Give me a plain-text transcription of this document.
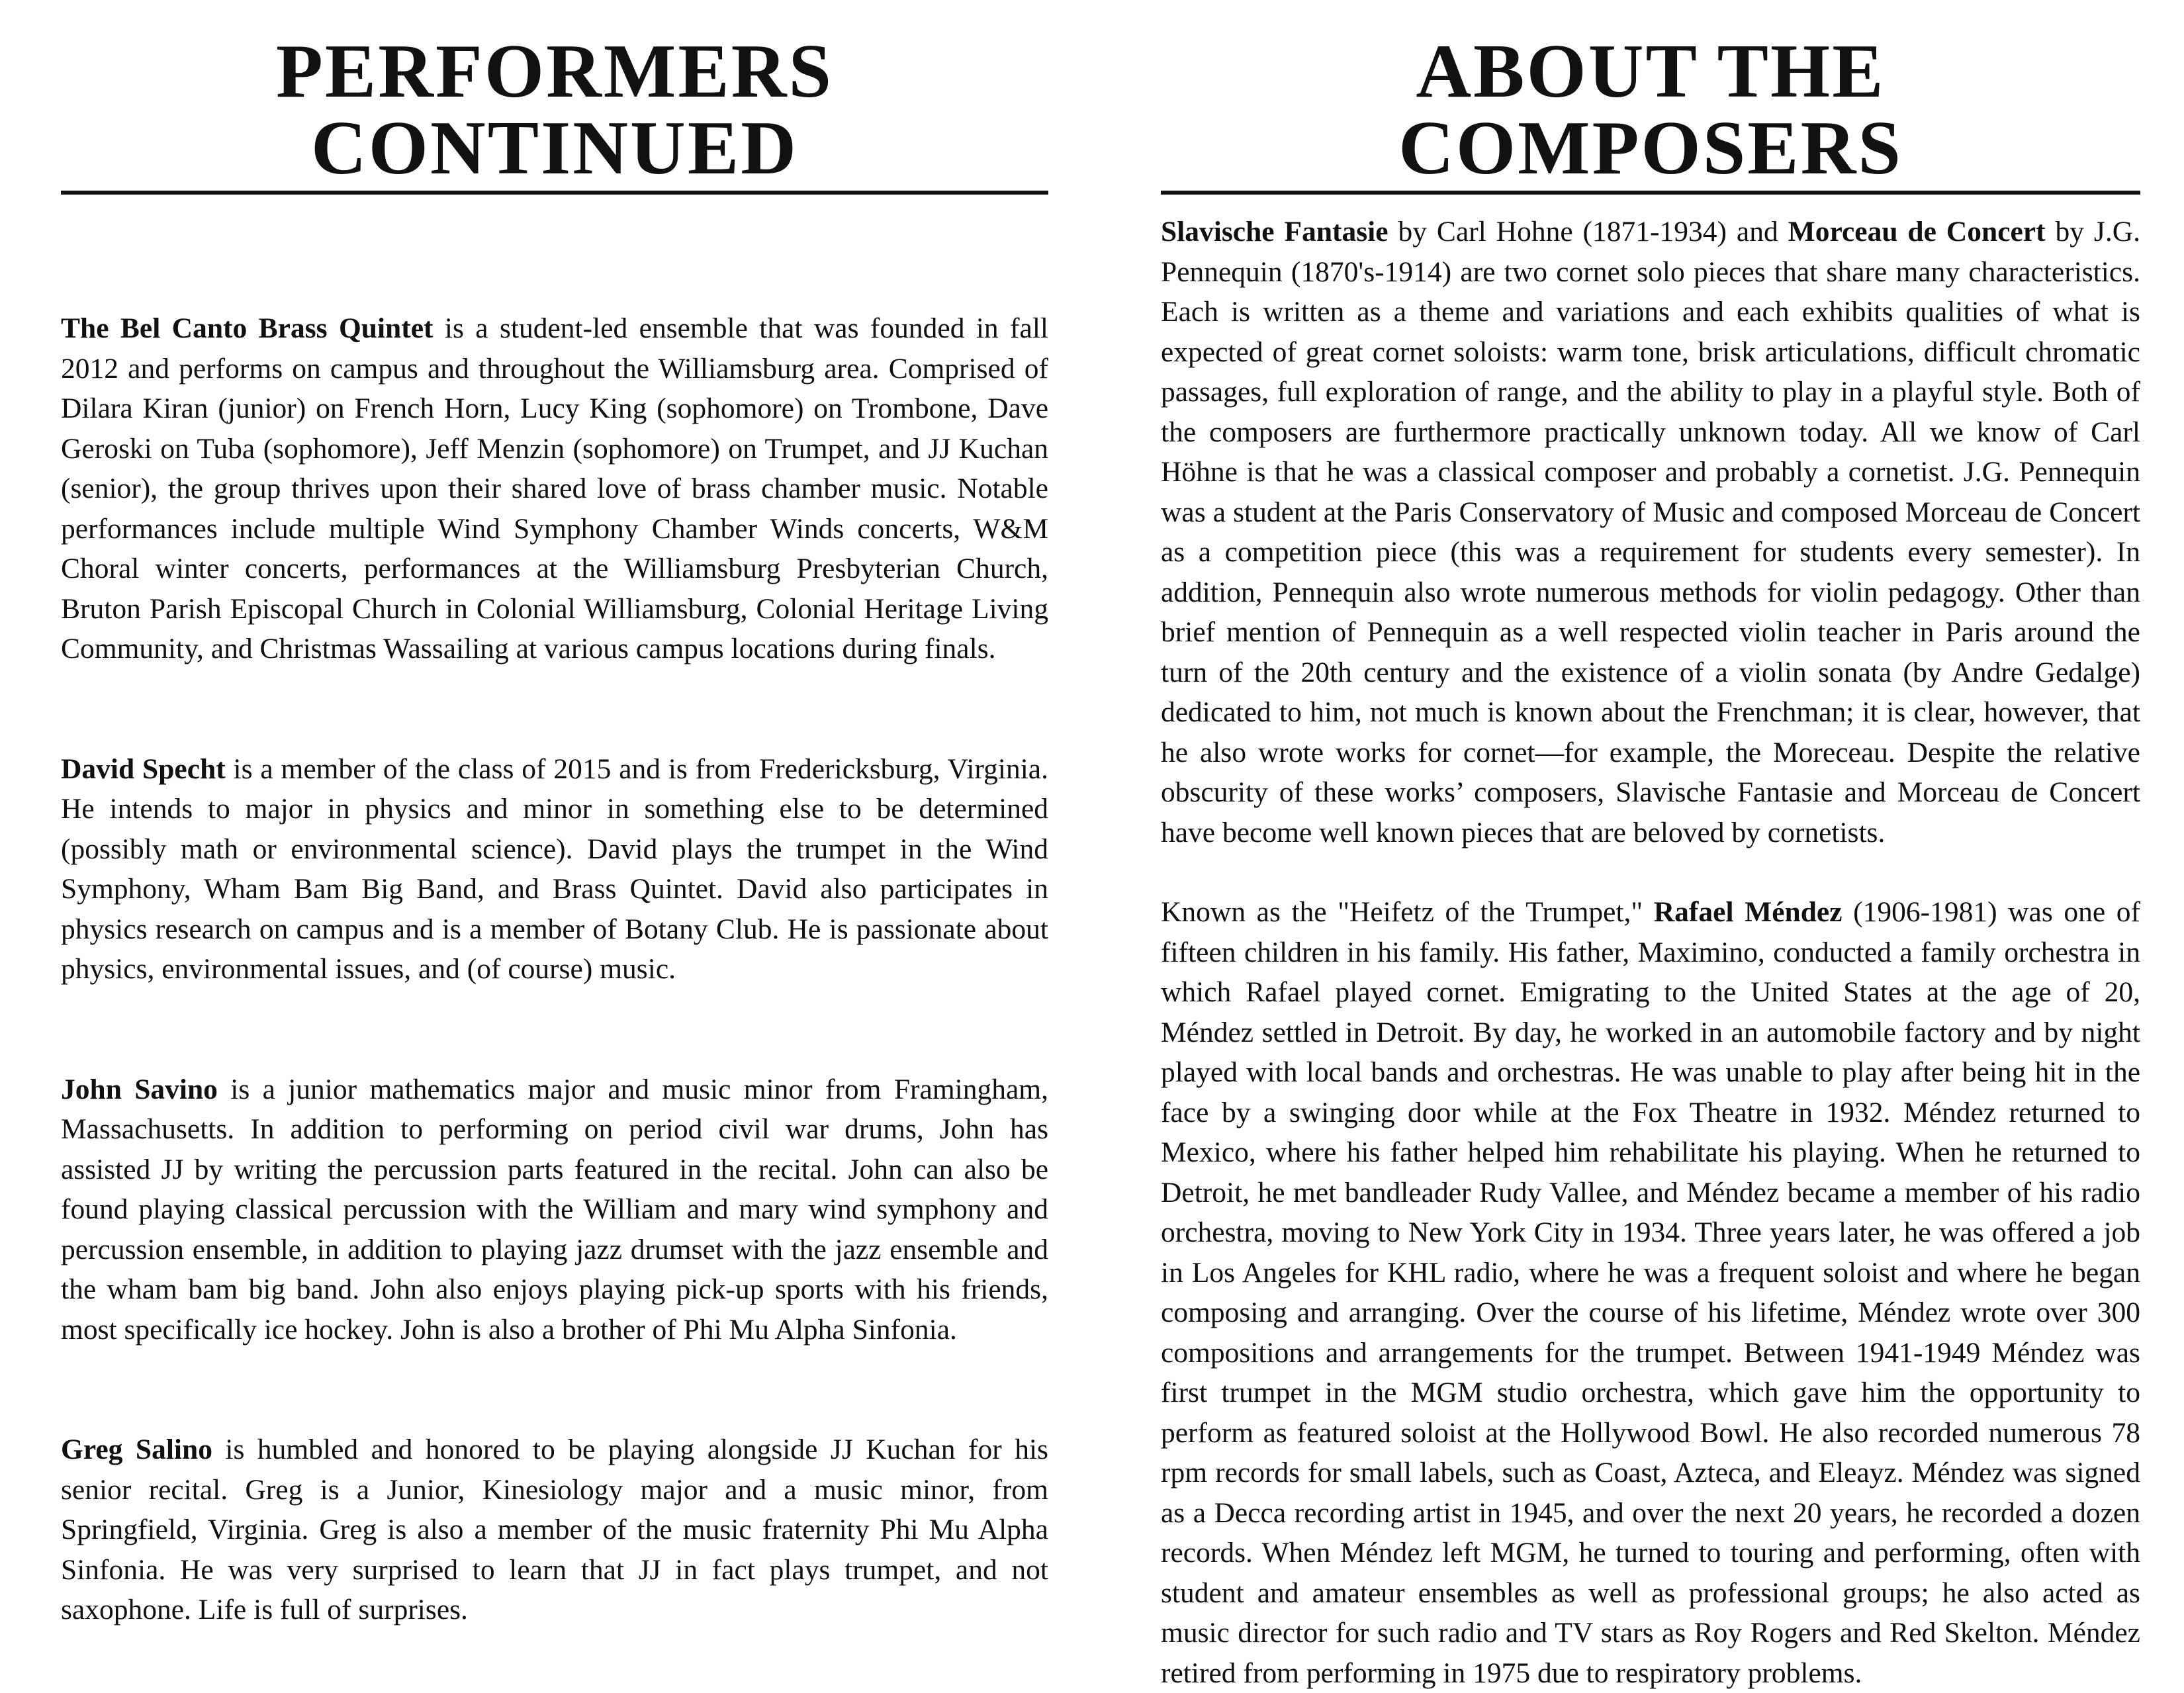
PERFORMERS CONTINUED

The Bel Canto Brass Quintet is a student-led ensemble that was founded in fall 2012 and performs on campus and throughout the Williamsburg area. Comprised of Dilara Kiran (junior) on French Horn, Lucy King (sophomore) on Trombone, Dave Geroski on Tuba (sophomore), Jeff Menzin (sophomore) on Trumpet, and JJ Kuchan (senior), the group thrives upon their shared love of brass chamber music. Notable performances include multiple Wind Symphony Chamber Winds concerts, W&M Choral winter concerts, performances at the Williamsburg Presbyterian Church, Bruton Parish Episcopal Church in Colonial Williamsburg, Colonial Heritage Living Community, and Christmas Wassailing at various campus locations during finals.

David Specht is a member of the class of 2015 and is from Fredericksburg, Virginia. He intends to major in physics and minor in something else to be determined (possibly math or environmental science). David plays the trumpet in the Wind Symphony, Wham Bam Big Band, and Brass Quintet. David also participates in physics research on campus and is a member of Botany Club. He is passionate about physics, environmental issues, and (of course) music.

John Savino is a junior mathematics major and music minor from Framingham, Massachusetts. In addition to performing on period civil war drums, John has assisted JJ by writing the percussion parts featured in the recital. John can also be found playing classical percussion with the William and mary wind symphony and percussion ensemble, in addition to playing jazz drumset with the jazz ensemble and the wham bam big band. John also enjoys playing pick-up sports with his friends, most specifically ice hockey. John is also a brother of Phi Mu Alpha Sinfonia.

Greg Salino is humbled and honored to be playing alongside JJ Kuchan for his senior recital. Greg is a Junior, Kinesiology major and a music minor, from Springfield, Virginia. Greg is also a member of the music fraternity Phi Mu Alpha Sinfonia. He was very surprised to learn that JJ in fact plays trumpet, and not saxophone. Life is full of surprises.

ABOUT THE COMPOSERS

Slavische Fantasie by Carl Hohne (1871-1934) and Morceau de Concert by J.G. Pennequin (1870's-1914) are two cornet solo pieces that share many characteristics. Each is written as a theme and variations and each exhibits qualities of what is expected of great cornet soloists: warm tone, brisk articulations, difficult chromatic passages, full exploration of range, and the ability to play in a playful style. Both of the composers are furthermore practically unknown today. All we know of Carl Höhne is that he was a classical composer and probably a cornetist. J.G. Pennequin was a student at the Paris Conservatory of Music and composed Morceau de Concert as a competition piece (this was a requirement for students every semester). In addition, Pennequin also wrote numerous methods for violin pedagogy. Other than brief mention of Pennequin as a well respected violin teacher in Paris around the turn of the 20th century and the existence of a violin sonata (by Andre Gedalge) dedicated to him, not much is known about the Frenchman; it is clear, however, that he also wrote works for cornet—for example, the Moreceau. Despite the relative obscurity of these works’ composers, Slavische Fantasie and Morceau de Concert have become well known pieces that are beloved by cornetists.

Known as the "Heifetz of the Trumpet," Rafael Méndez (1906-1981) was one of fifteen children in his family. His father, Maximino, conducted a family orchestra in which Rafael played cornet. Emigrating to the United States at the age of 20, Méndez settled in Detroit. By day, he worked in an automobile factory and by night played with local bands and orchestras. He was unable to play after being hit in the face by a swinging door while at the Fox Theatre in 1932. Méndez returned to Mexico, where his father helped him rehabilitate his playing. When he returned to Detroit, he met bandleader Rudy Vallee, and Méndez became a member of his radio orchestra, moving to New York City in 1934. Three years later, he was offered a job in Los Angeles for KHL radio, where he was a frequent soloist and where he began composing and arranging. Over the course of his lifetime, Méndez wrote over 300 compositions and arrangements for the trumpet. Between 1941-1949 Méndez was first trumpet in the MGM studio orchestra, which gave him the opportunity to perform as featured soloist at the Hollywood Bowl. He also recorded numerous 78 rpm records for small labels, such as Coast, Azteca, and Eleayz. Méndez was signed as a Decca recording artist in 1945, and over the next 20 years, he recorded a dozen records. When Méndez left MGM, he turned to touring and performing, often with student and amateur ensembles as well as professional groups; he also acted as music director for such radio and TV stars as Roy Rogers and Red Skelton. Méndez retired from performing in 1975 due to respiratory problems.
